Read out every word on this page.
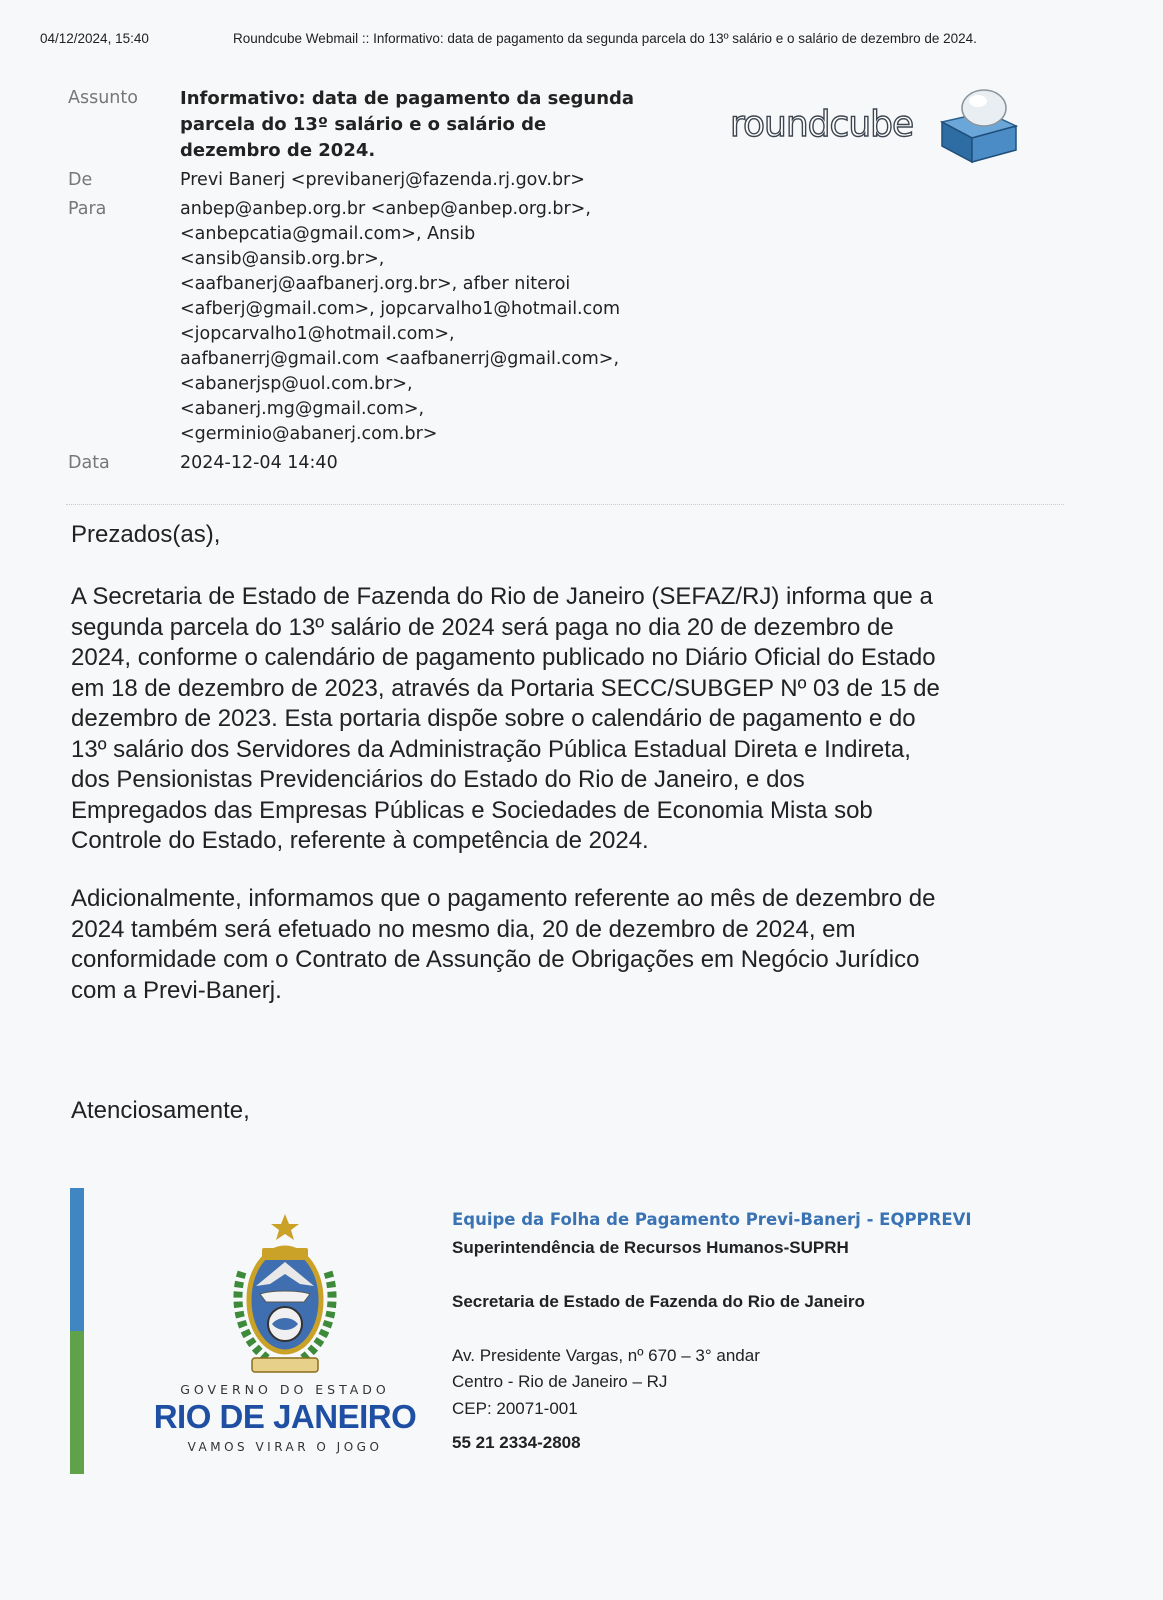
04/12/2024, 15:40	Roundcube Webmail :: Informativo: data de pagamento da segunda parcela do 13º salário e o salário de dezembro de 2024.
Assunto	Informativo: data de pagamento da segunda
parcela do 13º salário e o salário de
dezembro de 2024.
De	Previ Banerj <previbanerj@fazenda.rj.gov.br>
Para	anbep@anbep.org.br <anbep@anbep.org.br>,
<anbepcatia@gmail.com>, Ansib
<ansib@ansib.org.br>,
<aafbanerj@aafbanerj.org.br>, afber niteroi
<afberj@gmail.com>, jopcarvalho1@hotmail.com
<jopcarvalho1@hotmail.com>,
aafbanerrj@gmail.com <aafbanerrj@gmail.com>,
<abanerjsp@uol.com.br>,
<abanerj.mg@gmail.com>,
<germinio@abanerj.com.br>
Data	2024-12-04 14:40
roundcube

Prezados(as),

A Secretaria de Estado de Fazenda do Rio de Janeiro (SEFAZ/RJ) informa que a
segunda parcela do 13º salário de 2024 será paga no dia 20 de dezembro de
2024, conforme o calendário de pagamento publicado no Diário Oficial do Estado
em 18 de dezembro de 2023, através da Portaria SECC/SUBGEP Nº 03 de 15 de
dezembro de 2023. Esta portaria dispõe sobre o calendário de pagamento e do
13º salário dos Servidores da Administração Pública Estadual Direta e Indireta,
dos Pensionistas Previdenciários do Estado do Rio de Janeiro, e dos
Empregados das Empresas Públicas e Sociedades de Economia Mista sob
Controle do Estado, referente à competência de 2024.
Adicionalmente, informamos que o pagamento referente ao mês de dezembro de
2024 também será efetuado no mesmo dia, 20 de dezembro de 2024, em
conformidade com o Contrato de Assunção de Obrigações em Negócio Jurídico
com a Previ-Banerj.

Atenciosamente,

GOVERNO DO ESTADO
RIO DE JANEIRO
VAMOS VIRAR O JOGO
Equipe da Folha de Pagamento Previ-Banerj - EQPPREVI
Superintendência de Recursos Humanos-SUPRH
Secretaria de Estado de Fazenda do Rio de Janeiro
Av. Presidente Vargas, nº 670 – 3° andar
Centro - Rio de Janeiro – RJ
CEP: 20071-001
55 21 2334-2808
